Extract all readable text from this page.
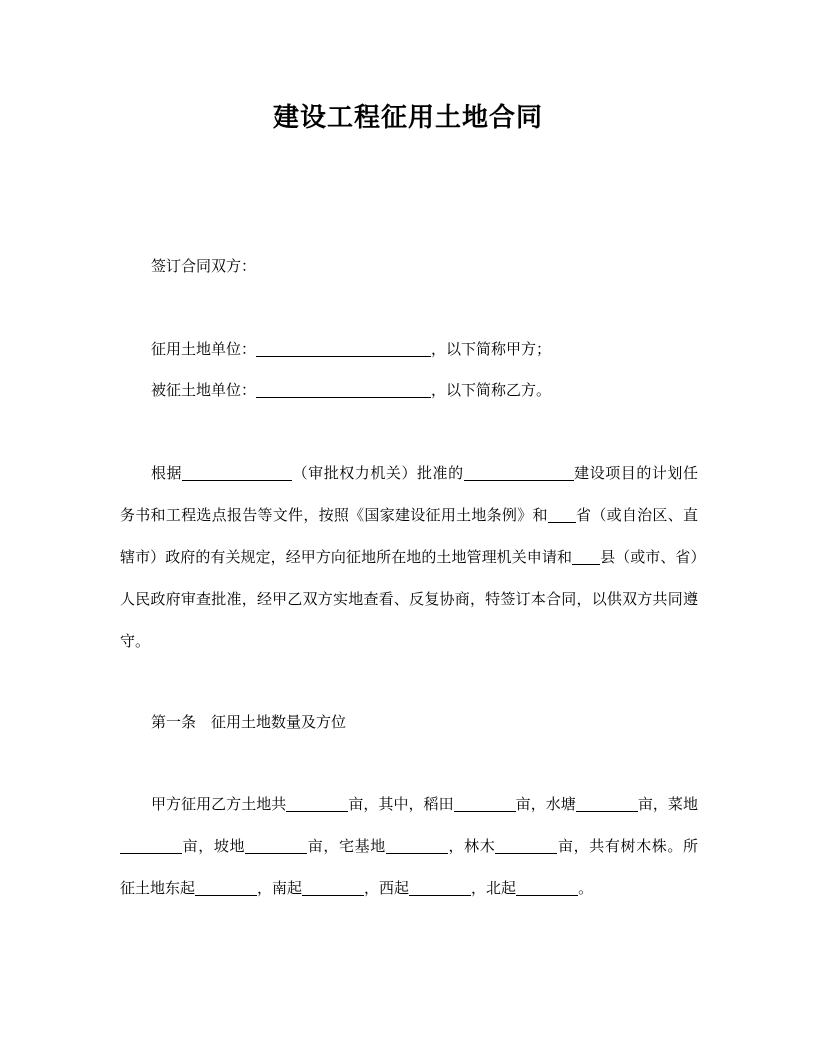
建设工程征用土地合同
签订合同双方：
征用土地单位：	，以下简称甲方；
被征土地单位：	，以下简称乙方。
根据	（审批权力机关）批准的	建设项目的计划任务书和工程选点报告等文件，按照《国家建设征用土地条例》和 省（或自治区、直辖市）政府的有关规定，经甲方向征地所在地的土地管理机关申请和 县（或市、省）人民政府审查批准，经甲乙双方实地查看、反复协商，特签订本合同，以供双方共同遵守。
第一条　征用土地数量及方位
甲方征用乙方土地共	亩，其中，稻田	亩，水塘	亩，菜地亩，坡地	亩，宅基地	，林木	亩，共有树木株。所征土地东起	，南起	，西起	，北起	。
